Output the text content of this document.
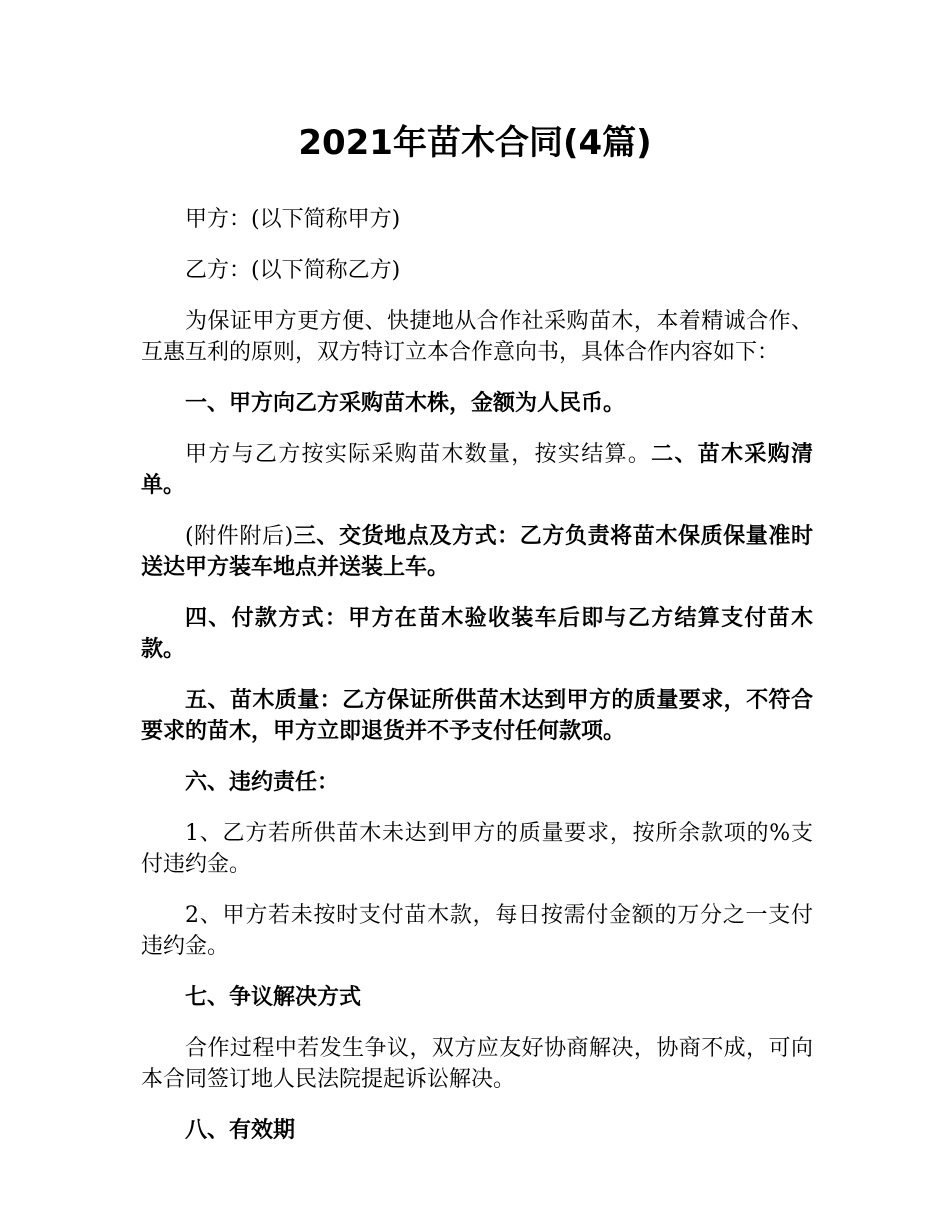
2021年苗木合同(4篇)

甲方：(以下简称甲方)

乙方：(以下简称乙方)

为保证甲方更方便、快捷地从合作社采购苗木，本着精诚合作、互惠互利的原则，双方特订立本合作意向书，具体合作内容如下：

一、甲方向乙方采购苗木株，金额为人民币。

甲方与乙方按实际采购苗木数量，按实结算。二、苗木采购清单。

(附件附后)三、交货地点及方式：乙方负责将苗木保质保量准时送达甲方装车地点并送装上车。

四、付款方式：甲方在苗木验收装车后即与乙方结算支付苗木款。

五、苗木质量：乙方保证所供苗木达到甲方的质量要求，不符合要求的苗木，甲方立即退货并不予支付任何款项。

六、违约责任：

1、乙方若所供苗木未达到甲方的质量要求，按所余款项的%支付违约金。

2、甲方若未按时支付苗木款，每日按需付金额的万分之一支付违约金。

七、争议解决方式

合作过程中若发生争议，双方应友好协商解决，协商不成，可向本合同签订地人民法院提起诉讼解决。

八、有效期
